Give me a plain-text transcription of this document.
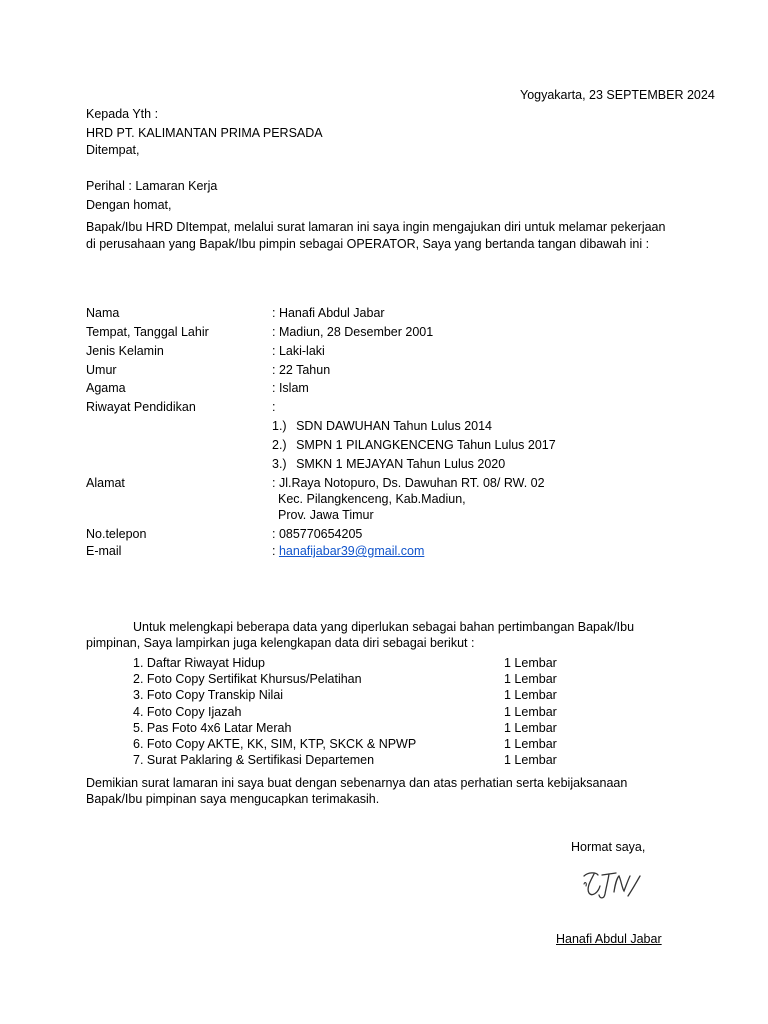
Yogyakarta, 23 SEPTEMBER 2024
Kepada Yth :
HRD PT. KALIMANTAN PRIMA PERSADA
Ditempat,
Perihal : Lamaran Kerja
Dengan homat,
Bapak/Ibu HRD DItempat, melalui surat lamaran ini saya ingin mengajukan diri untuk melamar pekerjaan
di perusahaan yang Bapak/Ibu pimpin sebagai OPERATOR, Saya yang bertanda tangan dibawah ini :
Nama	: Hanafi Abdul Jabar
Tempat, Tanggal Lahir	: Madiun, 28 Desember 2001
Jenis Kelamin	: Laki-laki
Umur	: 22 Tahun
Agama	: Islam
Riwayat Pendidikan	:
1.) SDN DAWUHAN Tahun Lulus 2014
2.) SMPN 1 PILANGKENCENG Tahun Lulus 2017
3.) SMKN 1 MEJAYAN Tahun Lulus 2020
Alamat	: Jl.Raya Notopuro, Ds. Dawuhan RT. 08/ RW. 02
Kec. Pilangkenceng, Kab.Madiun,
Prov. Jawa Timur
No.telepon	: 085770654205
E-mail	: hanafijabar39@gmail.com
Untuk melengkapi beberapa data yang diperlukan sebagai bahan pertimbangan Bapak/Ibu
pimpinan, Saya lampirkan juga kelengkapan data diri sebagai berikut :
1. Daftar Riwayat Hidup	1 Lembar
2. Foto Copy Sertifikat Khursus/Pelatihan	1 Lembar
3. Foto Copy Transkip Nilai	1 Lembar
4. Foto Copy Ijazah	1 Lembar
5. Pas Foto 4x6 Latar Merah	1 Lembar
6. Foto Copy AKTE, KK, SIM, KTP, SKCK & NPWP	1 Lembar
7. Surat Paklaring & Sertifikasi Departemen	1 Lembar
Demikian surat lamaran ini saya buat dengan sebenarnya dan atas perhatian serta kebijaksanaan
Bapak/Ibu pimpinan saya mengucapkan terimakasih.
Hormat saya,
Hanafi Abdul Jabar
